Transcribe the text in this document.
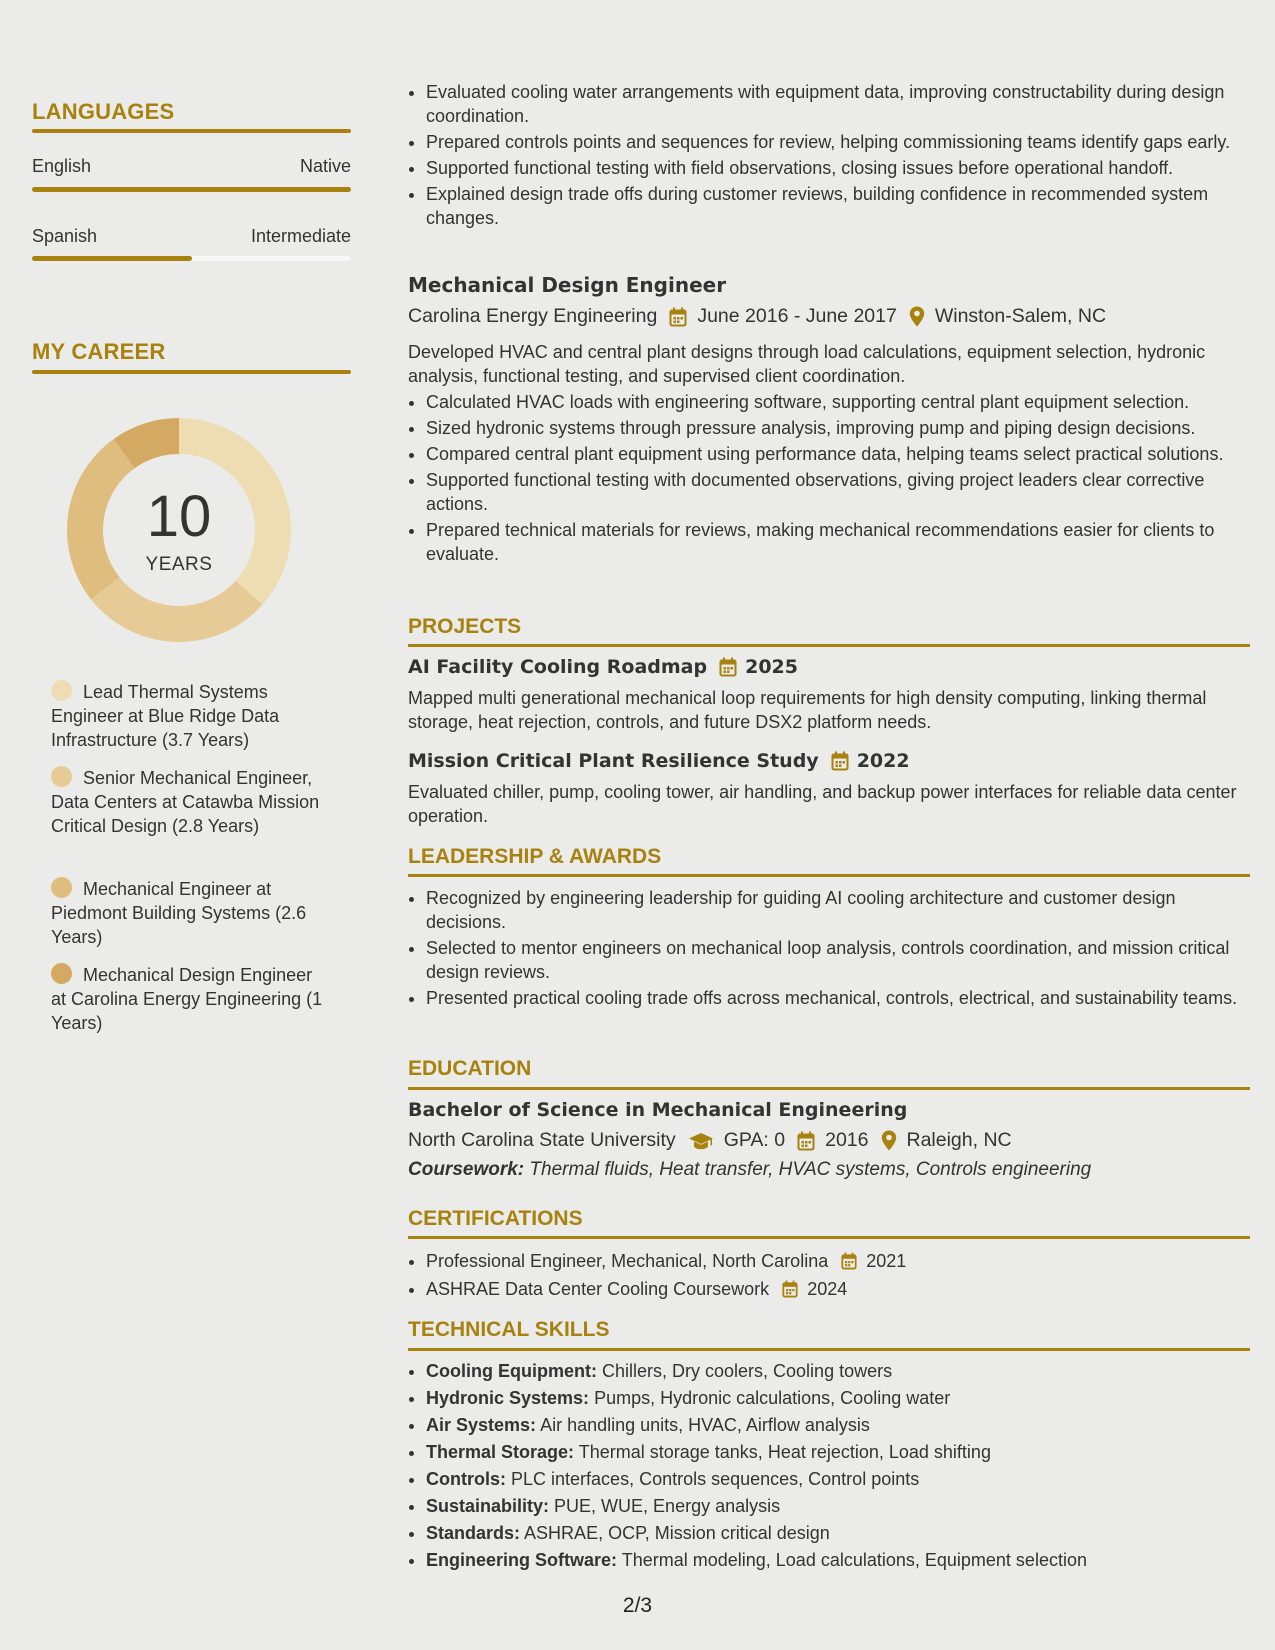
LANGUAGES
English	Native
Spanish	Intermediate
MY CAREER
10
YEARS
Lead Thermal Systems Engineer at Blue Ridge Data Infrastructure (3.7 Years)
Senior Mechanical Engineer, Data Centers at Catawba Mission Critical Design (2.8 Years)
Mechanical Engineer at Piedmont Building Systems (2.6 Years)
Mechanical Design Engineer at Carolina Energy Engineering (1 Years)
• Evaluated cooling water arrangements with equipment data, improving constructability during design coordination.
• Prepared controls points and sequences for review, helping commissioning teams identify gaps early.
• Supported functional testing with field observations, closing issues before operational handoff.
• Explained design trade offs during customer reviews, building confidence in recommended system changes.
Mechanical Design Engineer
Carolina Energy Engineering June 2016 - June 2017 Winston-Salem, NC
Developed HVAC and central plant designs through load calculations, equipment selection, hydronic analysis, functional testing, and supervised client coordination.
• Calculated HVAC loads with engineering software, supporting central plant equipment selection.
• Sized hydronic systems through pressure analysis, improving pump and piping design decisions.
• Compared central plant equipment using performance data, helping teams select practical solutions.
• Supported functional testing with documented observations, giving project leaders clear corrective actions.
• Prepared technical materials for reviews, making mechanical recommendations easier for clients to evaluate.
PROJECTS
AI Facility Cooling Roadmap 2025
Mapped multi generational mechanical loop requirements for high density computing, linking thermal storage, heat rejection, controls, and future DSX2 platform needs.
Mission Critical Plant Resilience Study 2022
Evaluated chiller, pump, cooling tower, air handling, and backup power interfaces for reliable data center operation.
LEADERSHIP & AWARDS
• Recognized by engineering leadership for guiding AI cooling architecture and customer design decisions.
• Selected to mentor engineers on mechanical loop analysis, controls coordination, and mission critical design reviews.
• Presented practical cooling trade offs across mechanical, controls, electrical, and sustainability teams.
EDUCATION
Bachelor of Science in Mechanical Engineering
North Carolina State University GPA: 0 2016 Raleigh, NC
Coursework: Thermal fluids, Heat transfer, HVAC systems, Controls engineering
CERTIFICATIONS
• Professional Engineer, Mechanical, North Carolina 2021
• ASHRAE Data Center Cooling Coursework 2024
TECHNICAL SKILLS
• Cooling Equipment: Chillers, Dry coolers, Cooling towers
• Hydronic Systems: Pumps, Hydronic calculations, Cooling water
• Air Systems: Air handling units, HVAC, Airflow analysis
• Thermal Storage: Thermal storage tanks, Heat rejection, Load shifting
• Controls: PLC interfaces, Controls sequences, Control points
• Sustainability: PUE, WUE, Energy analysis
• Standards: ASHRAE, OCP, Mission critical design
• Engineering Software: Thermal modeling, Load calculations, Equipment selection
2/3
